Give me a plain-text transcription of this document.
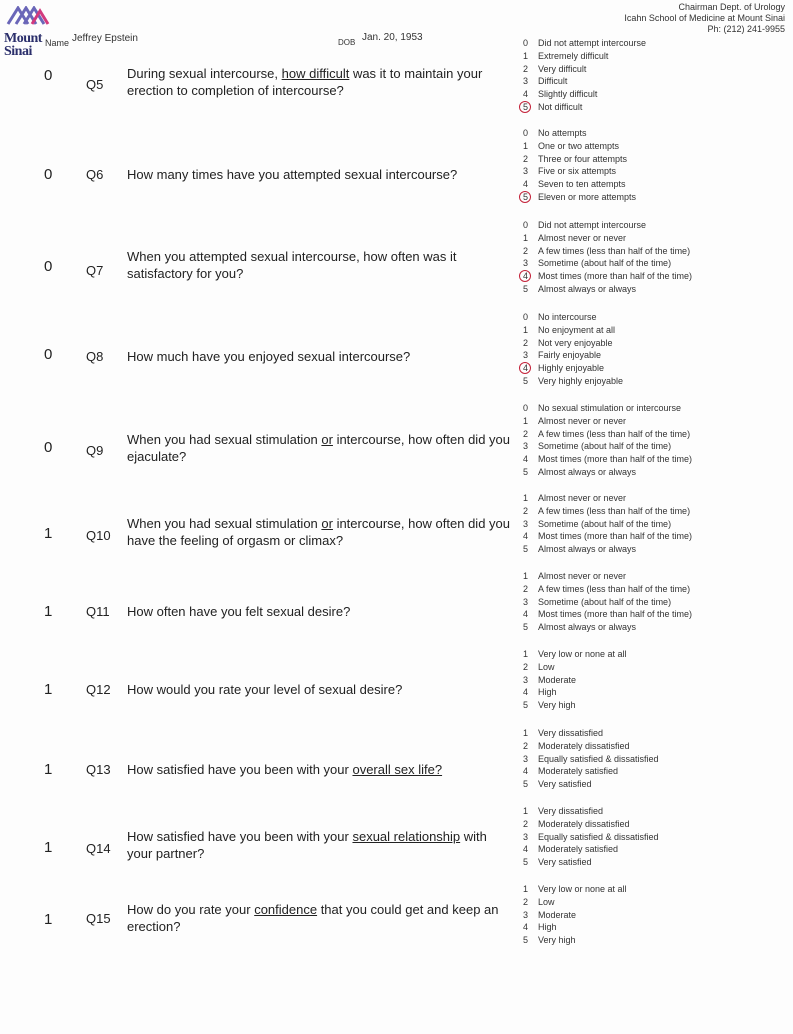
Mount
Sinai
Name Jeffrey Epstein	DOB Jan. 20, 1953
Chairman Dept. of Urology
Icahn School of Medicine at Mount Sinai
Ph: (212) 241-9955
0
Q5
During sexual intercourse, how difficult was it to maintain your erection to completion of intercourse?
0 Did not attempt intercourse
1 Extremely difficult
2 Very difficult
3 Difficult
4 Slightly difficult
5 Not difficult
0	Q6 How many times have you attempted sexual intercourse?
0 No attempts
1 One or two attempts
2 Three or four attempts
3 Five or six attempts
4 Seven to ten attempts
5 Eleven or more attempts
0	Q7
When you attempted sexual intercourse, how often was it satisfactory for you?
0 Did not attempt intercourse
1 Almost never or never
2 A few times (less than half of the time)
3 Sometime (about half of the time)
4 Most times (more than half of the time)
5 Almost always or always
0	Q8 How much have you enjoyed sexual intercourse?
0 No intercourse
1 No enjoyment at all
2 Not very enjoyable
3 Fairly enjoyable
4 Highly enjoyable
5 Very highly enjoyable
0	Q9
When you had sexual stimulation or intercourse, how often did you ejaculate?
0 No sexual stimulation or intercourse
1 Almost never or never
2 A few times (less than half of the time)
3 Sometime (about half of the time)
4 Most times (more than half of the time)
5 Almost always or always
1	Q10
When you had sexual stimulation or intercourse, how often did you have the feeling of orgasm or climax?
1 Almost never or never
2 A few times (less than half of the time)
3 Sometime (about half of the time)
4 Most times (more than half of the time)
5 Almost always or always
1	Q11 How often have you felt sexual desire?
1 Almost never or never
2 A few times (less than half of the time)
3 Sometime (about half of the time)
4 Most times (more than half of the time)
5 Almost always or always
1	Q12 How would you rate your level of sexual desire?
1 Very low or none at all
2 Low
3 Moderate
4 High
5 Very high
1	Q13 How satisfied have you been with your overall sex life?
1 Very dissatisfied
2 Moderately dissatisfied
3 Equally satisfied & dissatisfied
4 Moderately satisfied
5 Very satisfied
1	Q14
How satisfied have you been with your sexual relationship with your partner?
1 Very dissatisfied
2 Moderately dissatisfied
3 Equally satisfied & dissatisfied
4 Moderately satisfied
5 Very satisfied
1	Q15
How do you rate your confidence that you could get and keep an erection?
1 Very low or none at all
2 Low
3 Moderate
4 High
5 Very high
